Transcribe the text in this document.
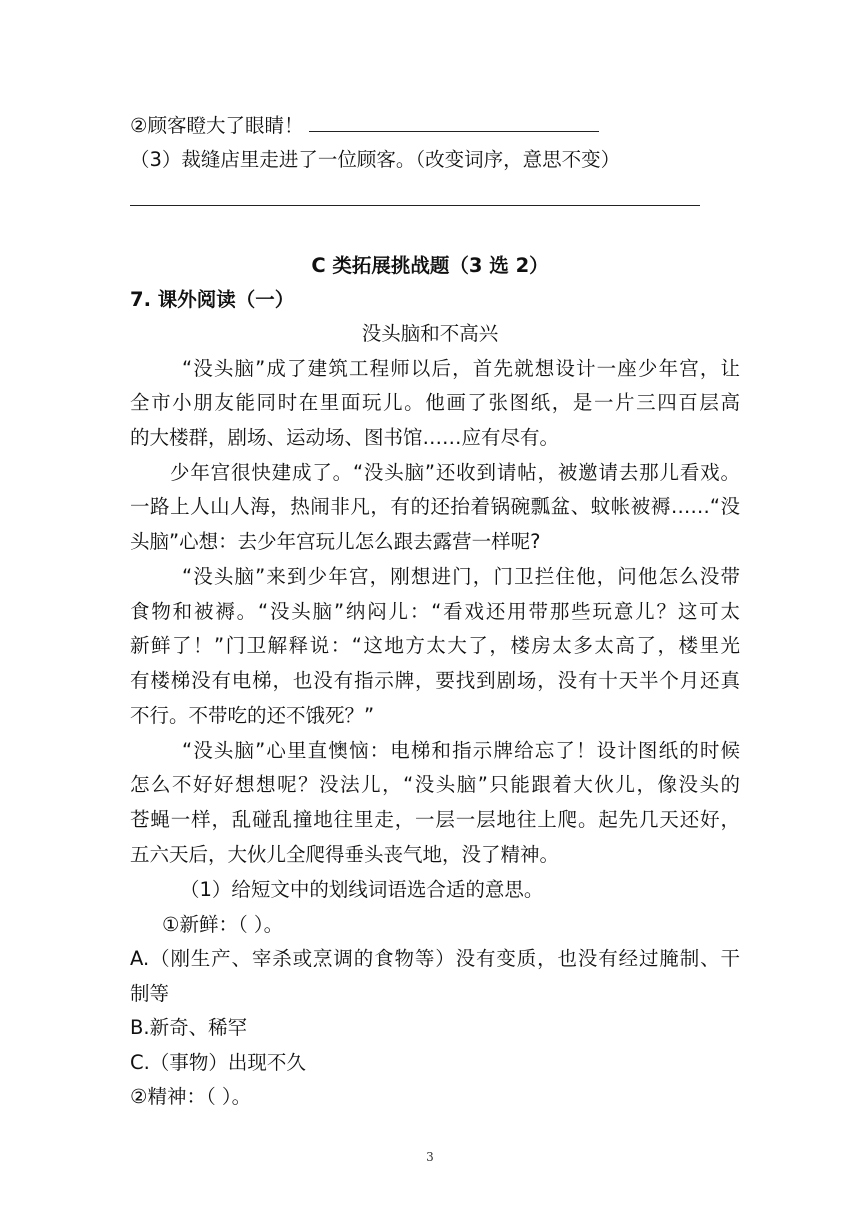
②顾客瞪大了眼睛！
（3）裁缝店里走进了一位顾客。（改变词序，意思不变）
C 类拓展挑战题（3 选 2）
7. 课外阅读（一）
没头脑和不高兴
“没头脑”成了建筑工程师以后，首先就想设计一座少年宫，让
全市小朋友能同时在里面玩儿。他画了张图纸，是一片三四百层高
的大楼群，剧场、运动场、图书馆……应有尽有。
少年宫很快建成了。“没头脑”还收到请帖，被邀请去那儿看戏。
一路上人山人海，热闹非凡，有的还抬着锅碗瓢盆、蚊帐被褥……“没
头脑”心想：去少年宫玩儿怎么跟去露营一样呢?
“没头脑”来到少年宫，刚想进门，门卫拦住他，问他怎么没带
食物和被褥。“没头脑”纳闷儿：“看戏还用带那些玩意儿？这可太
新鲜了！”门卫解释说：“这地方太大了，楼房太多太高了，楼里光
有楼梯没有电梯，也没有指示牌，要找到剧场，没有十天半个月还真
不行。不带吃的还不饿死？”
“没头脑”心里直懊恼：电梯和指示牌给忘了！设计图纸的时候
怎么不好好想想呢？没法儿，“没头脑”只能跟着大伙儿，像没头的
苍蝇一样，乱碰乱撞地往里走，一层一层地往上爬。起先几天还好，
五六天后，大伙儿全爬得垂头丧气地，没了精神。
（1）给短文中的划线词语选合适的意思。
①新鲜：（ ）。
A.（刚生产、宰杀或烹调的食物等）没有变质，也没有经过腌制、干
制等
B.新奇、稀罕
C.（事物）出现不久
②精神：（ ）。
3
